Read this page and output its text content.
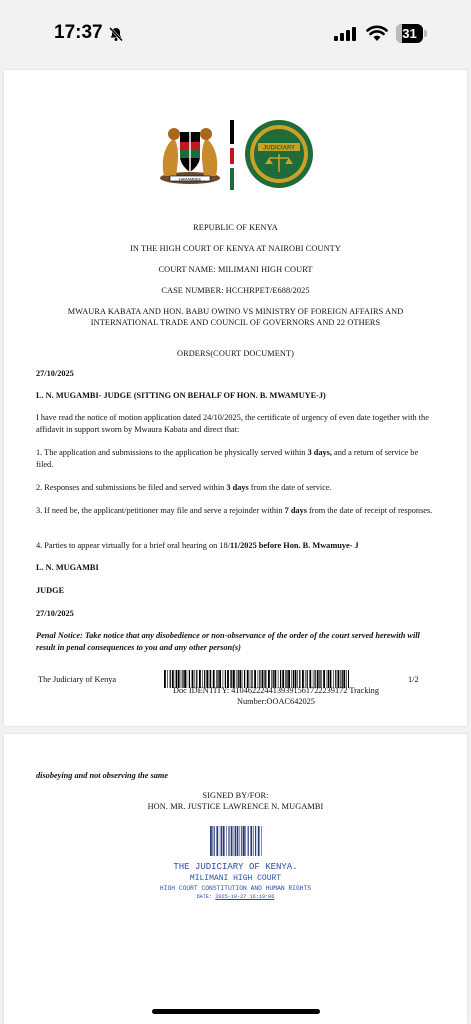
17:37	31
HARAMBEE
JUDICIARY
REPUBLIC OF KENYA
IN THE HIGH COURT OF KENYA AT NAIROBI COUNTY
COURT NAME: MILIMANI HIGH COURT
CASE NUMBER: HCCHRPET/E688/2025
MWAURA KABATA AND HON. BABU OWINO VS MINISTRY OF FOREIGN AFFAIRS AND
INTERNATIONAL TRADE AND COUNCIL OF GOVERNORS AND 22 OTHERS
ORDERS(COURT DOCUMENT)
27/10/2025
L. N. MUGAMBI- JUDGE (SITTING ON BEHALF OF HON. B. MWAMUYE-J)
I have read the notice of motion application dated 24/10/2025, the certificate of urgency of even date together with the affidavit in support sworn by Mwaura Kabata and direct that:
1. The application and submissions to the application be physically served within 3 days, and a return of service be filed.
2. Responses and submissions be filed and served within 3 days from the date of service.
3. If need be, the applicant/petitioner may file and serve a rejoinder within 7 days from the date of receipt of responses.
4. Parties to appear virtually for a brief oral hearing on 18/11/2025 before Hon. B. Mwamuye- J
L. N. MUGAMBI
JUDGE
27/10/2025
Penal Notice: Take notice that any disobedience or non-observance of the order of the court served herewith will result in penal consequences to you and any other person(s)
The Judiciary of Kenya
Doc IDENTITY: 410462224413939156172223917​2 Tracking Number:OOAC642025
1/2
disobeying and not observing the same
SIGNED BY/FOR:
HON. MR. JUSTICE LAWRENCE N. MUGAMBI
THE JUDICIARY OF KENYA.
MILIMANI HIGH COURT
HIGH COURT CONSTITUTION AND HUMAN RIGHTS
DATE: 2025-10-27 16:19:06
